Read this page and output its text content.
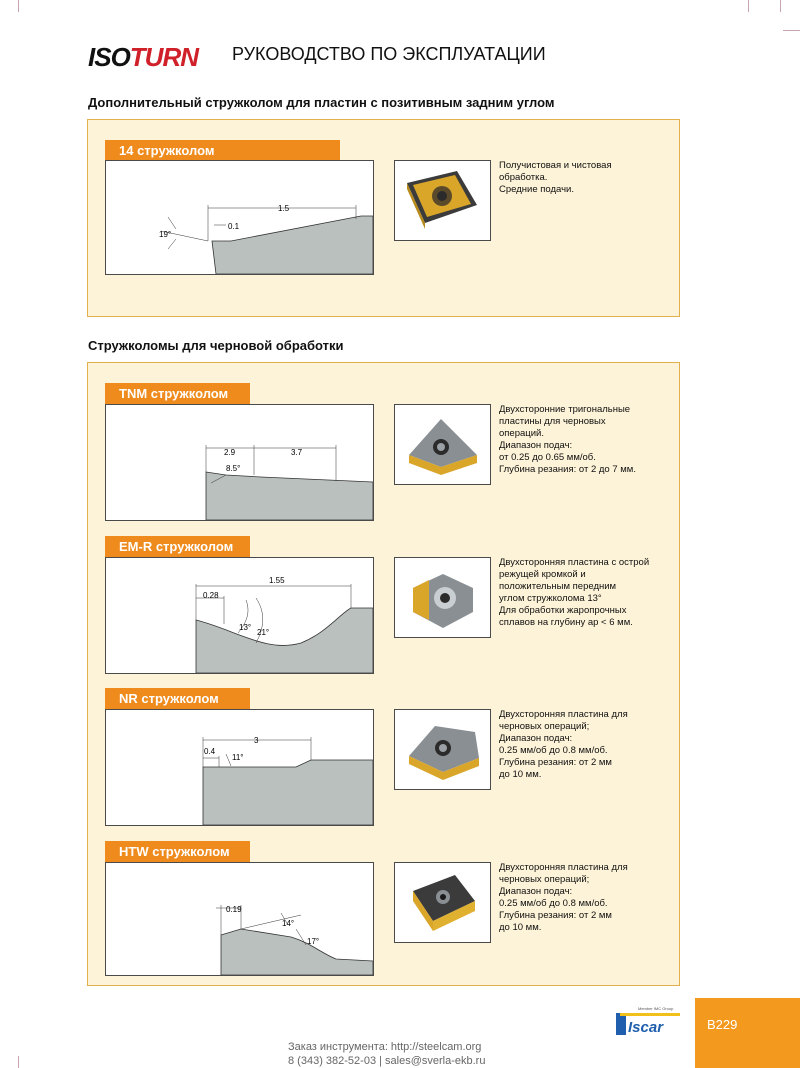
ISOTURN РУКОВОДСТВО ПО ЭКСПЛУАТАЦИИ
Дополнительный стружколом для пластин с позитивным задним углом
14 стружколом
1.5
0.1
19°
Получистовая и чистовая
обработка.
Средние подачи.
Стружколомы для черновой обработки
TNM стружколом
2.9	3.7
8.5°
Двухсторонние тригональные
пластины для черновых
операций.
Диапазон подач:
от 0.25 до 0.65 мм/об.
Глубина резания: от 2 до 7 мм.
EM-R стружколом
1.55
0.28
13°
21°
Двухсторонняя пластина с острой
режущей кромкой и
положительным передним
углом стружколома 13°
Для обработки жаропрочных
сплавов на глубину ap < 6 мм.
NR стружколом
3
0.4
11°
Двухсторонняя пластина для
черновых операций;
Диапазон подач:
0.25 мм/об до 0.8 мм/об.
Глубина резания: от 2 мм
до 10 мм.
HTW стружколом
0.19
14°
17°
Двухсторонняя пластина для
черновых операций;
Диапазон подач:
0.25 мм/об до 0.8 мм/об.
Глубина резания: от 2 мм
до 10 мм.
Iscar
Member IMC Group
B229
Заказ инструмента: http://steelcam.org
8 (343) 382-52-03 | sales@sverla-ekb.ru
